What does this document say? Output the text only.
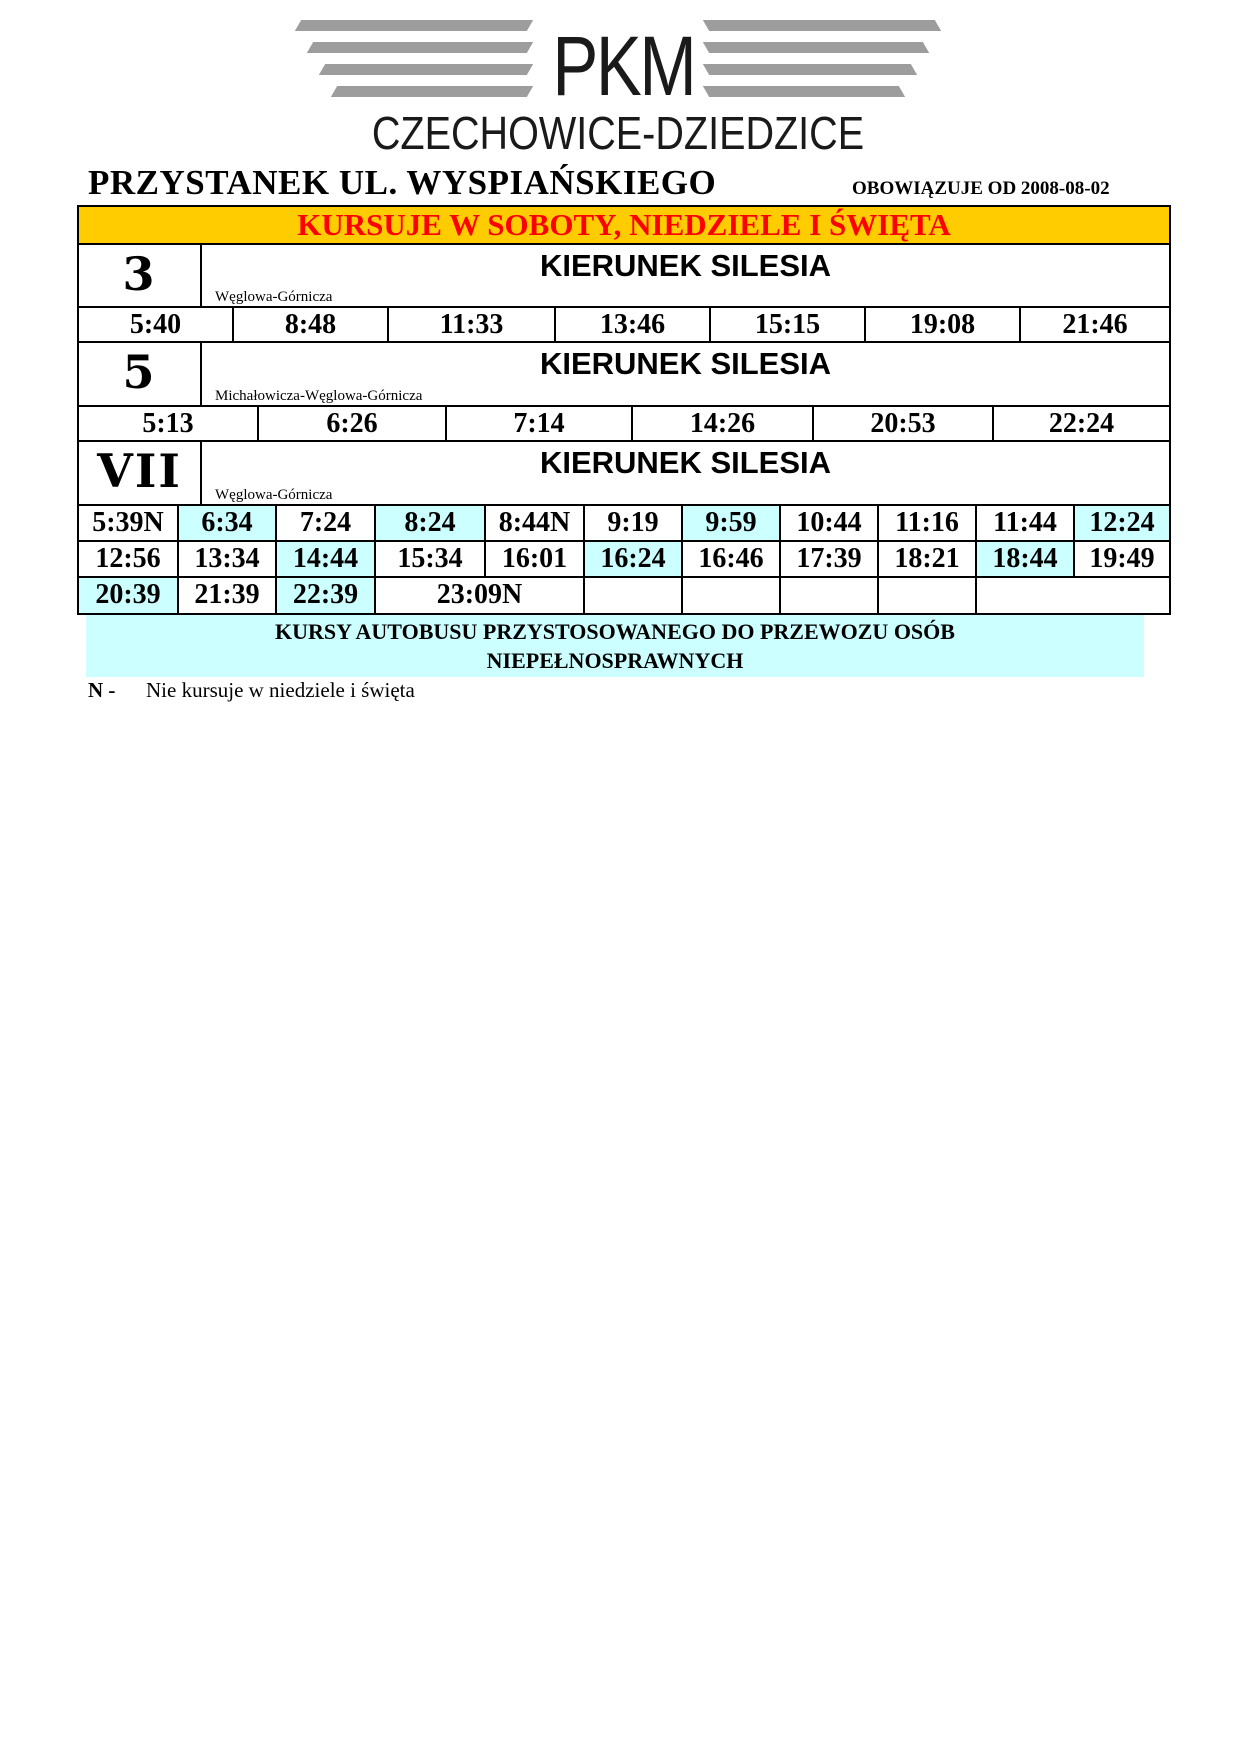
PKM
CZECHOWICE-DZIEDZICE
PRZYSTANEK UL. WYSPIAŃSKIEGO	OBOWIĄZUJE OD 2008-08-02
KURSUJE W SOBOTY, NIEDZIELE I ŚWIĘTA
3	KIERUNEK SILESIA
Węglowa-Górnicza
5:40	8:48	11:33	13:46	15:15	19:08	21:46
5	KIERUNEK SILESIA
Michałowicza-Węglowa-Górnicza
5:13	6:26	7:14	14:26	20:53	22:24
VII	KIERUNEK SILESIA
Węglowa-Górnicza
5:39N	6:34	7:24	8:24	8:44N	9:19	9:59	10:44	11:16	11:44	12:24
12:56	13:34	14:44	15:34	16:01	16:24	16:46	17:39	18:21	18:44	19:49
20:39	21:39	22:39	23:09N
KURSY AUTOBUSU PRZYSTOSOWANEGO DO PRZEWOZU OSÓB
NIEPEŁNOSPRAWNYCH
N - Nie kursuje w niedziele i święta
